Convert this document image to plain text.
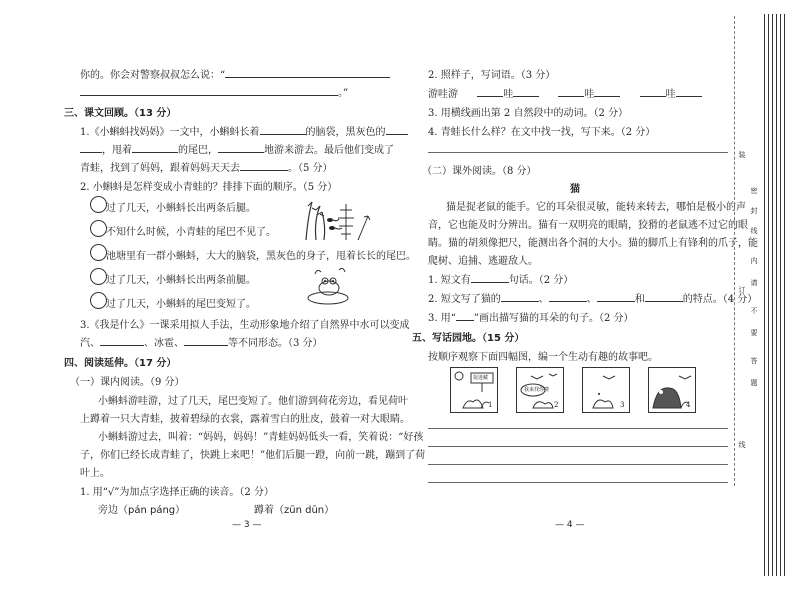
你的。你会对警察叔叔怎么说：“
。”
三、课文回顾。（13 分）
1.《小蝌蚪找妈妈》一文中，小蝌蚪长着	的脑袋，黑灰色的
，甩着	的尾巴，	地游来游去。最后他们变成了
青蛙，找到了妈妈，跟着妈妈天天去	。（5 分）
2. 小蝌蚪是怎样变成小青蛙的？排排下面的顺序。（5 分）
过了几天，小蝌蚪长出两条后腿。
不知什么时候，小青蛙的尾巴不见了。
池塘里有一群小蝌蚪，大大的脑袋，黑灰色的身子，甩着长长的尾巴。
过了几天，小蝌蚪长出两条前腿。
过了几天，小蝌蚪的尾巴变短了。
3.《我是什么》一课采用拟人手法，生动形象地介绍了自然界中水可以变成
汽、	、冰雹、	等不同形态。（3 分）
四、阅读延伸。（17 分）
（一）课内阅读。（9 分）
小蝌蚪游哇游，过了几天，尾巴变短了。他们游到荷花旁边，看见荷叶
上蹲着一只大青蛙，披着碧绿的衣裳，露着雪白的肚皮，鼓着一对大眼睛。
小蝌蚪游过去，叫着：“妈妈，妈妈！”青蛙妈妈低头一看，笑着说：“好孩
子，你们已经长成青蛙了，快跳上来吧！”他们后腿一蹬，向前一跳，蹦到了荷
叶上。
1. 用“√”为加点字选择正确的读音。（2 分）
旁边（pán páng）	蹲着（zūn dūn）
— 3 —
2. 照样子，写词语。（3 分）
游哇游	哇	哇	哇
3. 用横线画出第 2 自然段中的动词。（2 分）
4. 青蛙长什么样？在文中找一找，写下来。（2 分）
（二）课外阅读。（8 分）
猫
猫是捉老鼠的能手。它的耳朵很灵敏，能转来转去，哪怕是极小的声
音，它也能及时分辨出。猫有一双明亮的眼睛，狡猾的老鼠逃不过它的眼
睛。猫的胡须像把尺，能测出各个洞的大小。猫的脚爪上有锋利的爪子，能
爬树、追捕、逃避敌人。
1. 短文有	句话。（2 分）
2. 短文写了猫的	、	、	和	的特点。（4 分）
3. 用“ ”画出描写猫的耳朵的句子。（2 分）
五、写话园地。（15 分）
按顺序观察下面四幅图，编一个生动有趣的故事吧。
捉迷藏
1
我来找你啦
2	3	4
— 4 —
装
订
线
密
封
线
内
请
不
要
答
题
